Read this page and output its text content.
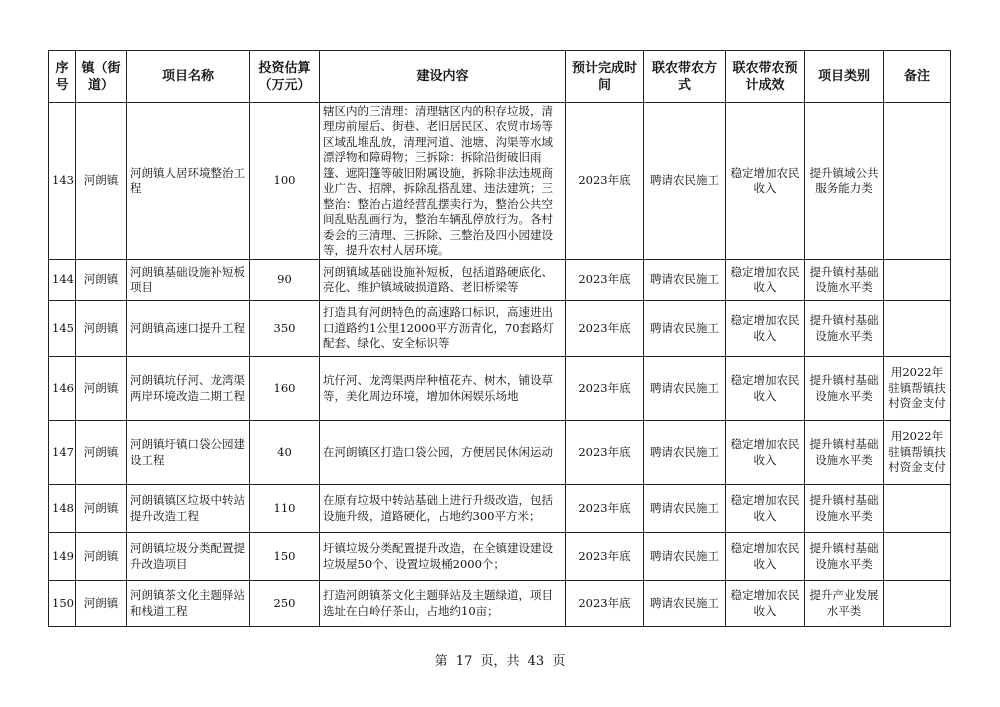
序号	镇（街道）	项目名称	投资估算（万元）	建设内容	预计完成时间	联农带农方式	联农带农预计成效	项目类别	备注
143	河朗镇	河朗镇人居环境整治工程	100	辖区内的三清理：清理辖区内的积存垃圾，清理房前屋后、街巷、老旧居民区、农贸市场等区域乱堆乱放，清理河道、池塘、沟渠等水域漂浮物和障碍物；三拆除：拆除沿街破旧雨篷、遮阳篷等破旧附属设施，拆除非法违规商业广告、招牌，拆除乱搭乱建、违法建筑；三整治：整治占道经营乱摆卖行为，整治公共空间乱贴乱画行为，整治车辆乱停放行为。各村委会的三清理、三拆除、三整治及四小园建设等，提升农村人居环境。	2023年底	聘请农民施工	稳定增加农民收入	提升镇域公共服务能力类	
144	河朗镇	河朗镇基础设施补短板项目	90	河朗镇域基础设施补短板，包括道路硬底化、亮化、维护镇域破损道路、老旧桥梁等	2023年底	聘请农民施工	稳定增加农民收入	提升镇村基础设施水平类	
145	河朗镇	河朗镇高速口提升工程	350	打造具有河朗特色的高速路口标识，高速进出口道路约1公里12000平方沥青化，70套路灯配套、绿化、安全标识等	2023年底	聘请农民施工	稳定增加农民收入	提升镇村基础设施水平类	
146	河朗镇	河朗镇坑仔河、龙湾渠两岸环境改造二期工程	160	坑仔河、龙湾渠两岸种植花卉、树木，铺设草等，美化周边环境，增加休闲娱乐场地	2023年底	聘请农民施工	稳定增加农民收入	提升镇村基础设施水平类	用2022年驻镇帮镇扶村资金支付
147	河朗镇	河朗镇圩镇口袋公园建设工程	40	在河朗镇区打造口袋公园，方便居民休闲运动	2023年底	聘请农民施工	稳定增加农民收入	提升镇村基础设施水平类	用2022年驻镇帮镇扶村资金支付
148	河朗镇	河朗镇镇区垃圾中转站提升改造工程	110	在原有垃圾中转站基础上进行升级改造，包括设施升级，道路硬化，占地约300平方米；	2023年底	聘请农民施工	稳定增加农民收入	提升镇村基础设施水平类	
149	河朗镇	河朗镇垃圾分类配置提升改造项目	150	圩镇垃圾分类配置提升改造，在全镇建设建设垃圾屋50个、设置垃圾桶2000个；	2023年底	聘请农民施工	稳定增加农民收入	提升镇村基础设施水平类	
150	河朗镇	河朗镇茶文化主题驿站和栈道工程	250	打造河朗镇茶文化主题驿站及主题绿道，项目选址在白岭仔茶山，占地约10亩；	2023年底	聘请农民施工	稳定增加农民收入	提升产业发展水平类	
第 17 页，共 43 页
